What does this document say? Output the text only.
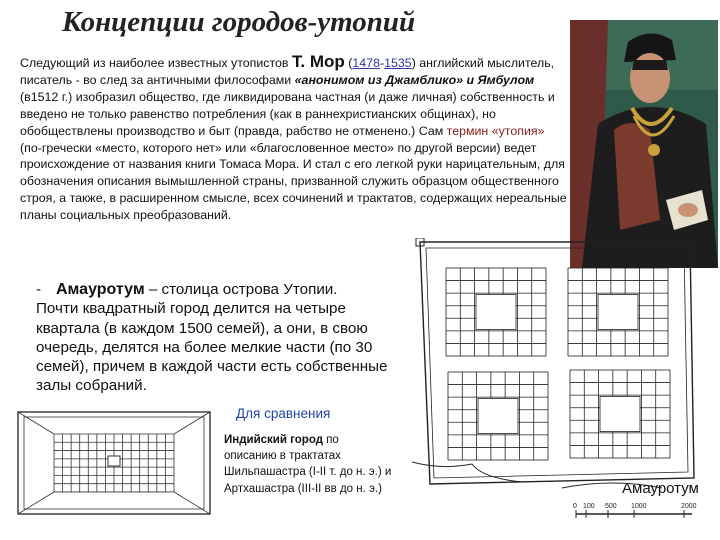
Концепции городов-утопий
Следующий из наиболее известных утопистов Т. Мор (1478-1535) английский мыслитель, писатель - во след за античными философами «анонимом из Джамблико» и Ямбулом (в1512 г.) изобразил общество, где ликвидирована частная (и даже личная) собственность и введено не только равенство потребления (как в раннехристианских общинах), но обобществлены производство и быт (правда, рабство не отменено.) Сам термин «утопия» (по-гречески «место, которого нет» или «благословенное место» по другой версии) ведет происхождение от названия книги Томаса Мора. И стал с его легкой руки нарицательным, для обозначения описания вымышленной страны, призванной служить образцом общественного строя, а также, в расширенном смысле, всех сочинений и трактатов, содержащих нереальные планы социальных преобразований.
- Амауротум – столица острова Утопии.
Почти квадратный город делится на четыре квартала (в каждом 1500 семей), а они, в свою очередь, делятся на более мелкие части (по 30 семей), причем в каждой части есть собственные залы собраний.
Для сравнения
Индийский город по описанию в трактатах Шильпашастра (I-II т. до н. э.) и Артхашастра (III-II вв до н. э.)
0 100 500 1000	2000
Амауротум
